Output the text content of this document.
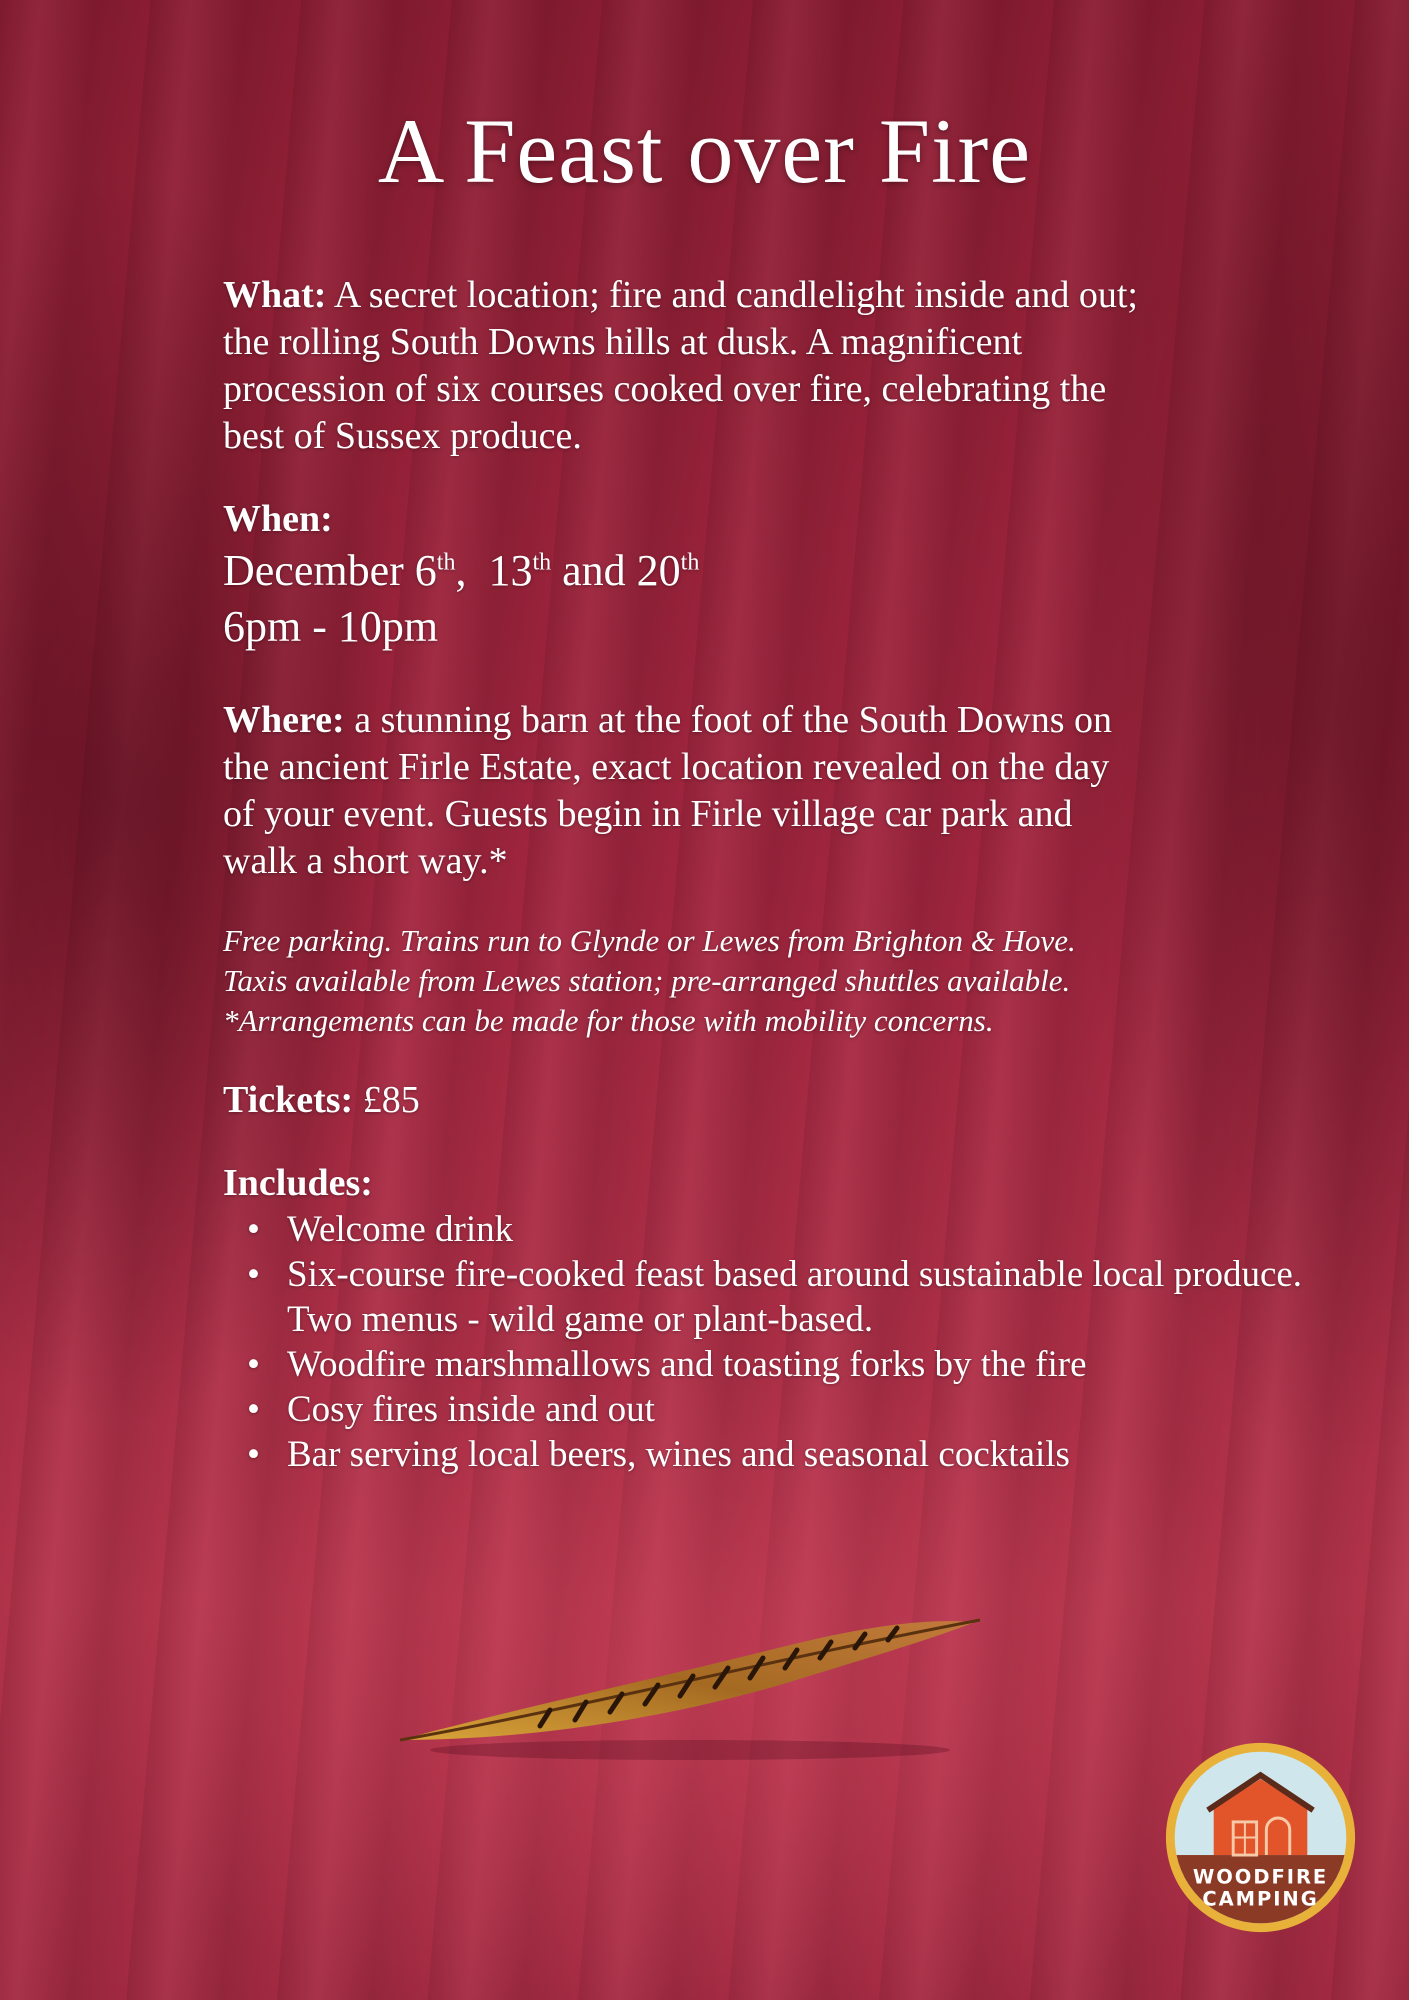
A Feast over Fire

What: A secret location; fire and candlelight inside and out; the rolling South Downs hills at dusk. A magnificent procession of six courses cooked over fire, celebrating the best of Sussex produce.

When:
December 6th,  13th and 20th
6pm - 10pm

Where: a stunning barn at the foot of the South Downs on the ancient Firle Estate, exact location revealed on the day of your event. Guests begin in Firle village car park and walk a short way.*

Free parking. Trains run to Glynde or Lewes from Brighton & Hove.
Taxis available from Lewes station; pre-arranged shuttles available.
*Arrangements can be made for those with mobility concerns.
Tickets: £85
Includes:
• Welcome drink
• Six-course fire-cooked feast based around sustainable local produce. Two menus - wild game or plant-based.
• Woodfire marshmallows and toasting forks by the fire
• Cosy fires inside and out
• Bar serving local beers, wines and seasonal cocktails
WOODFIRE
CAMPING
